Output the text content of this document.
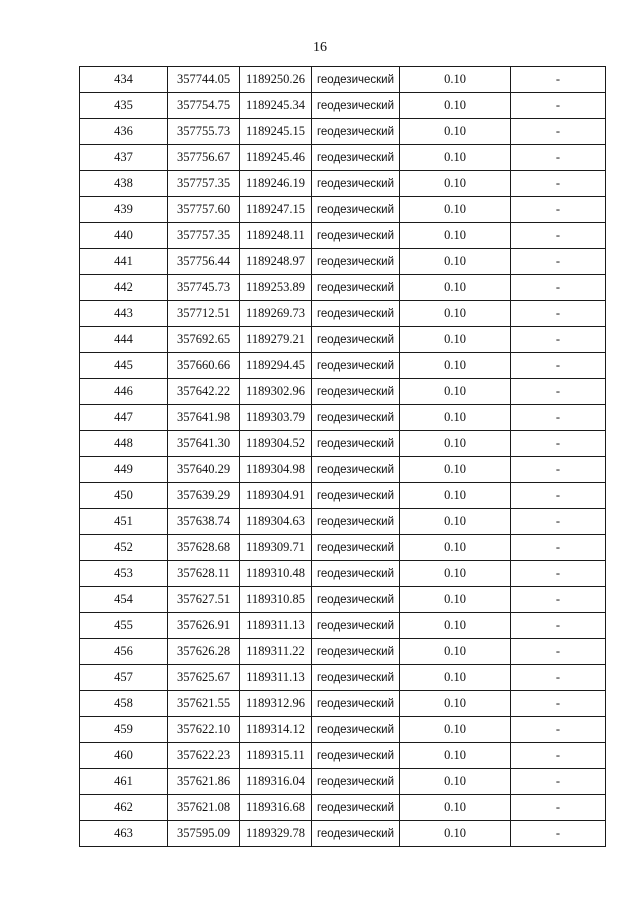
16
434	357744.05	1189250.26	геодезический	0.10	-
435	357754.75	1189245.34	геодезический	0.10	-
436	357755.73	1189245.15	геодезический	0.10	-
437	357756.67	1189245.46	геодезический	0.10	-
438	357757.35	1189246.19	геодезический	0.10	-
439	357757.60	1189247.15	геодезический	0.10	-
440	357757.35	1189248.11	геодезический	0.10	-
441	357756.44	1189248.97	геодезический	0.10	-
442	357745.73	1189253.89	геодезический	0.10	-
443	357712.51	1189269.73	геодезический	0.10	-
444	357692.65	1189279.21	геодезический	0.10	-
445	357660.66	1189294.45	геодезический	0.10	-
446	357642.22	1189302.96	геодезический	0.10	-
447	357641.98	1189303.79	геодезический	0.10	-
448	357641.30	1189304.52	геодезический	0.10	-
449	357640.29	1189304.98	геодезический	0.10	-
450	357639.29	1189304.91	геодезический	0.10	-
451	357638.74	1189304.63	геодезический	0.10	-
452	357628.68	1189309.71	геодезический	0.10	-
453	357628.11	1189310.48	геодезический	0.10	-
454	357627.51	1189310.85	геодезический	0.10	-
455	357626.91	1189311.13	геодезический	0.10	-
456	357626.28	1189311.22	геодезический	0.10	-
457	357625.67	1189311.13	геодезический	0.10	-
458	357621.55	1189312.96	геодезический	0.10	-
459	357622.10	1189314.12	геодезический	0.10	-
460	357622.23	1189315.11	геодезический	0.10	-
461	357621.86	1189316.04	геодезический	0.10	-
462	357621.08	1189316.68	геодезический	0.10	-
463	357595.09	1189329.78	геодезический	0.10	-
